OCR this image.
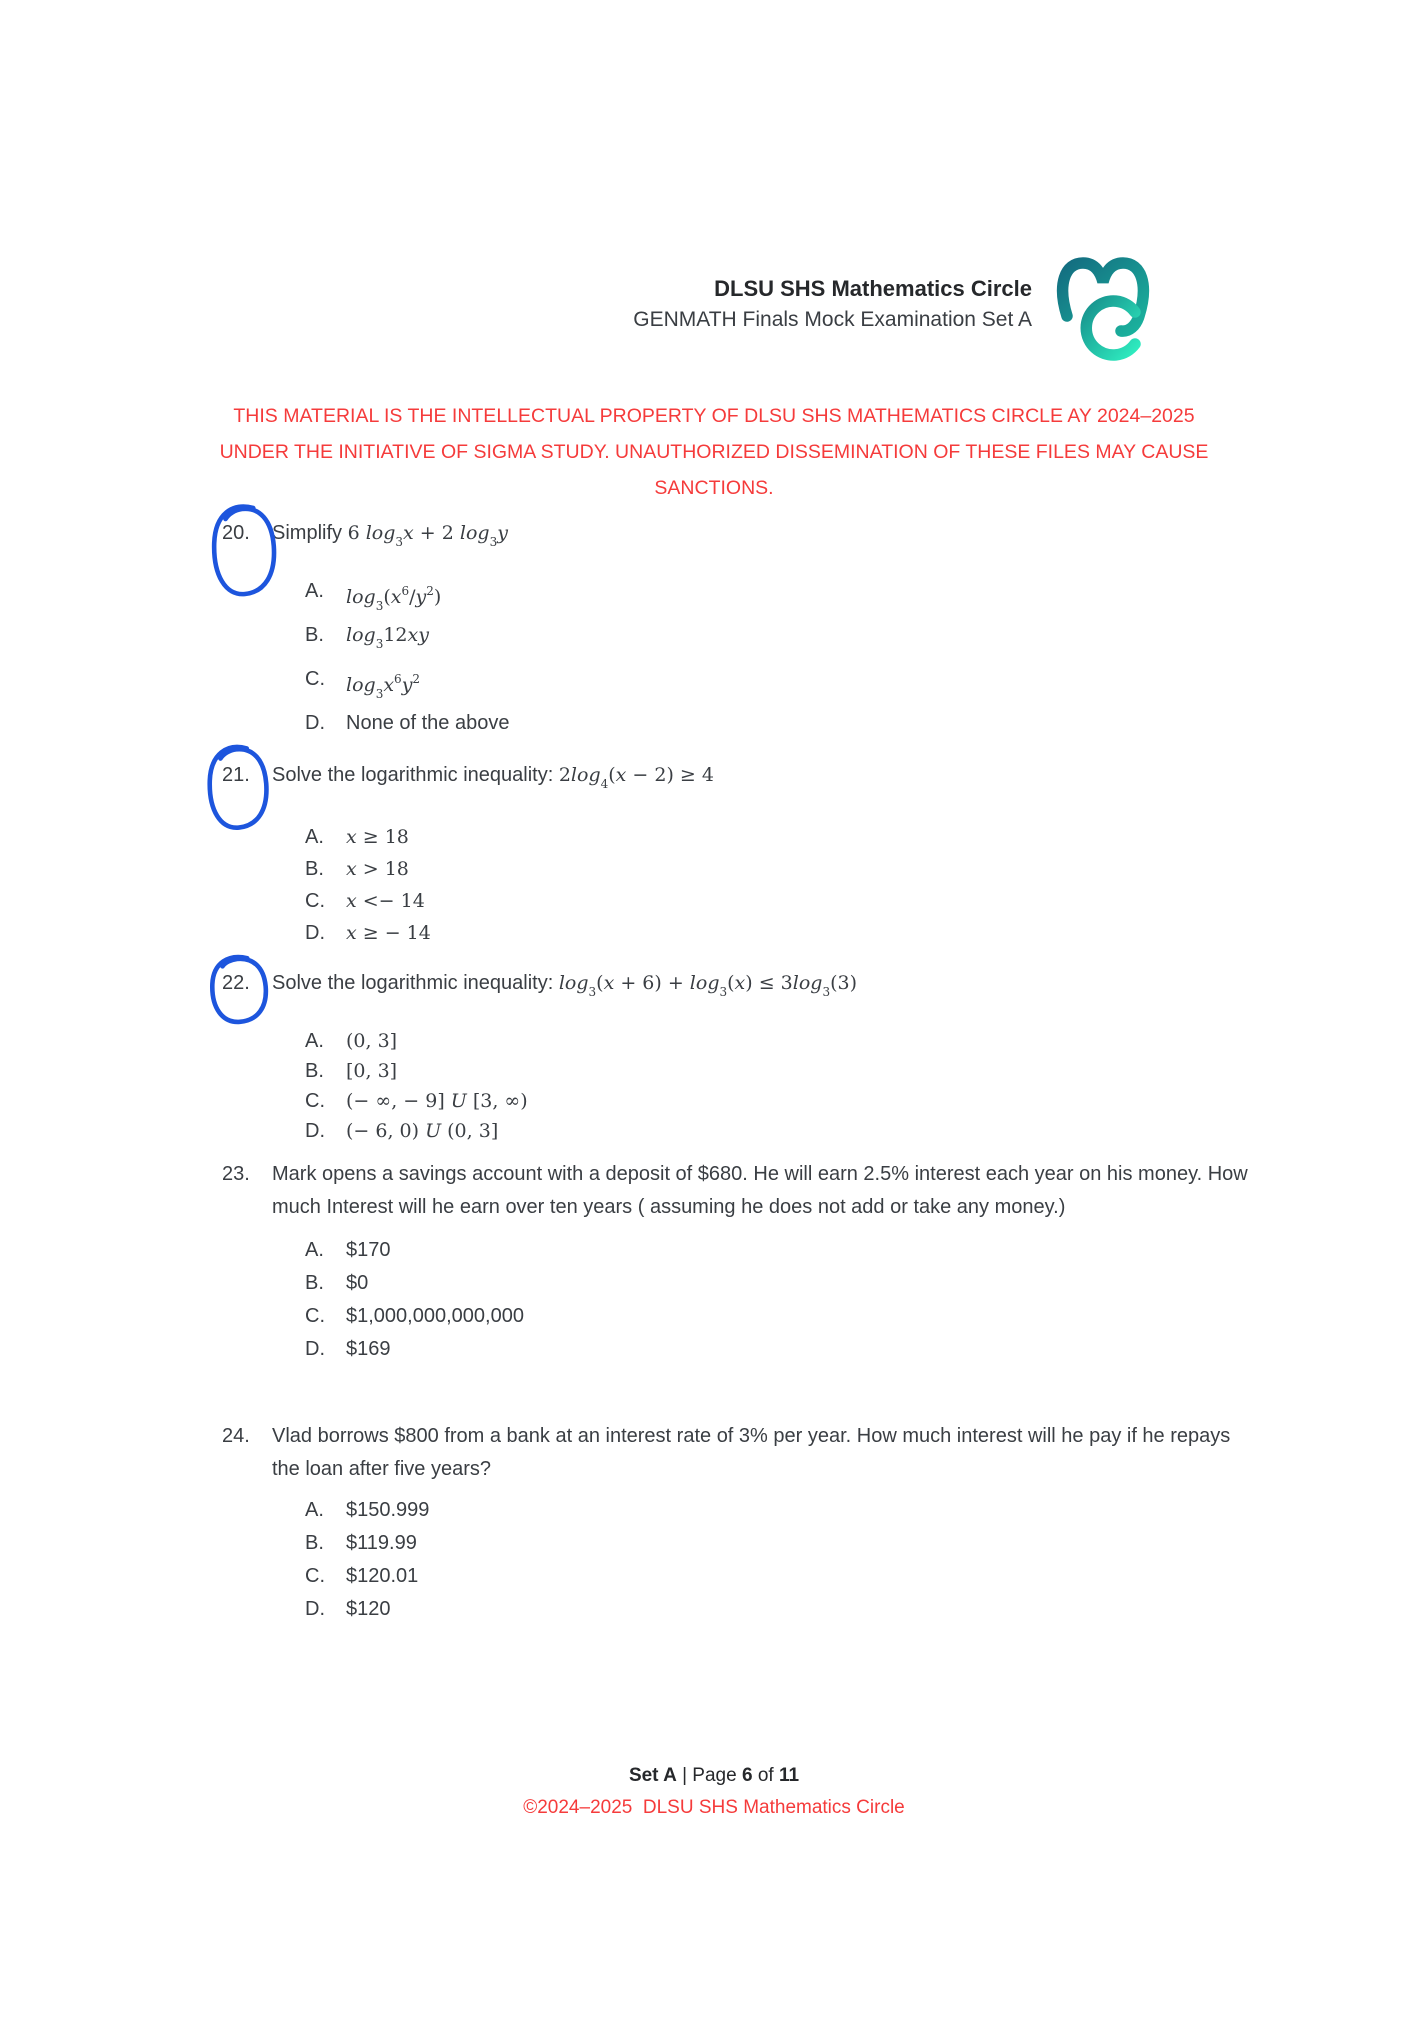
DLSU SHS Mathematics Circle
GENMATH Finals Mock Examination Set A
THIS MATERIAL IS THE INTELLECTUAL PROPERTY OF DLSU SHS MATHEMATICS CIRCLE AY 2024–2025
UNDER THE INITIATIVE OF SIGMA STUDY. UNAUTHORIZED DISSEMINATION OF THESE FILES MAY CAUSE
SANCTIONS.
20.	Simplify 6 $\log_3x + 2$ $\log_3y$
A.	$\log_3(x^6/y^2)$
B.	$\log_312xy$
C.	$\log_3x^6y^2$
D.	None of the above
21.	Solve the logarithmic inequality: $2\log_4(x - 2) \ge 4$
A.	x ≥ 18
B.	x > 18
C.	x <− 14
D.	x ≥ − 14
22.	Solve the logarithmic inequality: $\log_3(x + 6) + \log_3(x) \le 3\log_3(3)$
A.	(0, 3]
B.	[0, 3]
C.	(− ∞, − 9] U [3, ∞)
D.	(− 6, 0) U (0, 3]
23.	Mark opens a savings account with a deposit of $680. He will earn 2.5% interest each year on his money. How much Interest will he earn over ten years ( assuming he does not add or take any money.)
A.	$170
B.	$0
C.	$1,000,000,000,000
D.	$169
24.	Vlad borrows $800 from a bank at an interest rate of 3% per year. How much interest will he pay if he repays the loan after five years?
A.	$150.999
B.	$119.99
C.	$120.01
D.	$120
Set A | Page 6 of 11
©2024–2025  DLSU SHS Mathematics Circle
